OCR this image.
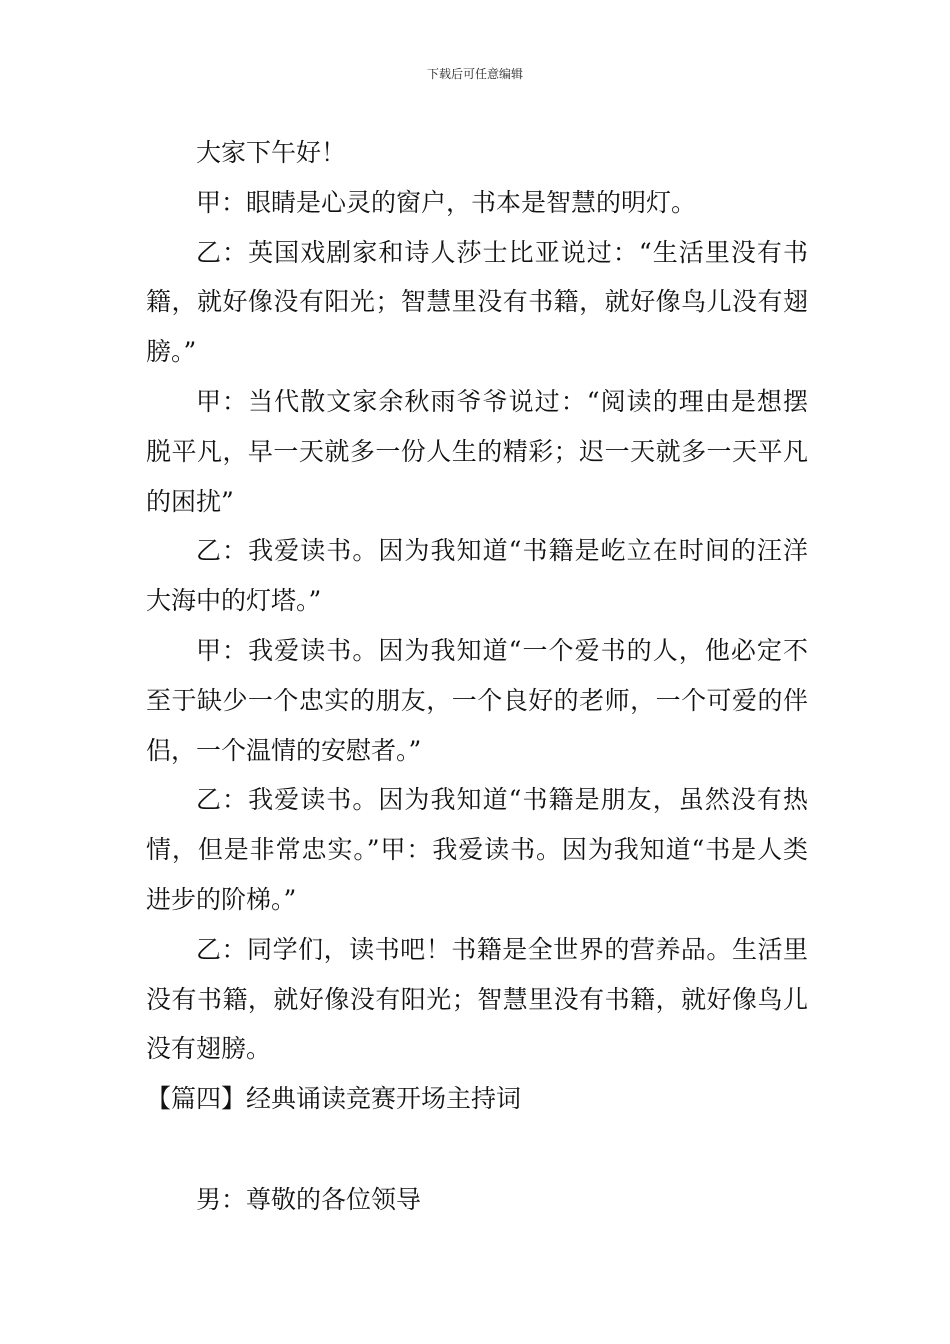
下载后可任意编辑

大家下午好！

甲：眼睛是心灵的窗户，书本是智慧的明灯。

乙：英国戏剧家和诗人莎士比亚说过：“生活里没有书籍，就好像没有阳光；智慧里没有书籍，就好像鸟儿没有翅膀。”

甲：当代散文家余秋雨爷爷说过：“阅读的理由是想摆脱平凡，早一天就多一份人生的精彩；迟一天就多一天平凡的困扰”

乙：我爱读书。因为我知道“书籍是屹立在时间的汪洋大海中的灯塔。”

甲：我爱读书。因为我知道“一个爱书的人，他必定不至于缺少一个忠实的朋友，一个良好的老师，一个可爱的伴侣，一个温情的安慰者。”

乙：我爱读书。因为我知道“书籍是朋友，虽然没有热情，但是非常忠实。”甲：我爱读书。因为我知道“书是人类进步的阶梯。”

乙：同学们，读书吧！书籍是全世界的营养品。生活里没有书籍，就好像没有阳光；智慧里没有书籍，就好像鸟儿没有翅膀。

【篇四】经典诵读竞赛开场主持词

男：尊敬的各位领导
